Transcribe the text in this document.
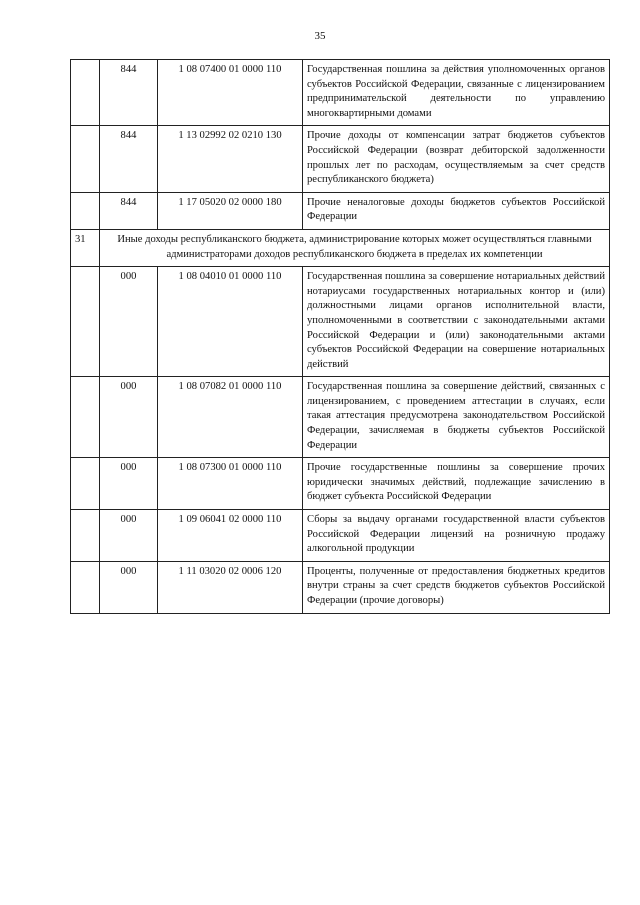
35
	844	1 08 07400 01 0000 110	Государственная пошлина за действия уполномоченных органов субъектов Российской Федерации, связанные с лицензированием предпринимательской деятельности по управлению многоквартирными домами
	844	1 13 02992 02 0210 130	Прочие доходы от компенсации затрат бюджетов субъектов Российской Федерации (возврат дебиторской задолженности прошлых лет по расходам, осуществляемым за счет средств республиканского бюджета)
	844	1 17 05020 02 0000 180	Прочие неналоговые доходы бюджетов субъектов Российской Федерации
31	Иные доходы республиканского бюджета, администрирование которых может осуществляться главными администраторами доходов республиканского бюджета в пределах их компетенции		
	000	1 08 04010 01 0000 110	Государственная пошлина за совершение нотариальных действий нотариусами государственных нотариальных контор и (или) должностными лицами органов исполнительной власти, уполномоченными в соответствии с законодательными актами Российской Федерации и (или) законодательными актами субъектов Российской Федерации на совершение нотариальных действий
	000	1 08 07082 01 0000 110	Государственная пошлина за совершение действий, связанных с лицензированием, с проведением аттестации в случаях, если такая аттестация предусмотрена законодательством Российской Федерации, зачисляемая в бюджеты субъектов Российской Федерации
	000	1 08 07300 01 0000 110	Прочие государственные пошлины за совершение прочих юридически значимых действий, подлежащие зачислению в бюджет субъекта Российской Федерации
	000	1 09 06041 02 0000 110	Сборы за выдачу органами государственной власти субъектов Российской Федерации лицензий на розничную продажу алкогольной продукции
	000	1 11 03020 02 0006 120	Проценты, полученные от предоставления бюджетных кредитов внутри страны за счет средств бюджетов субъектов Российской Федерации (прочие договоры)
